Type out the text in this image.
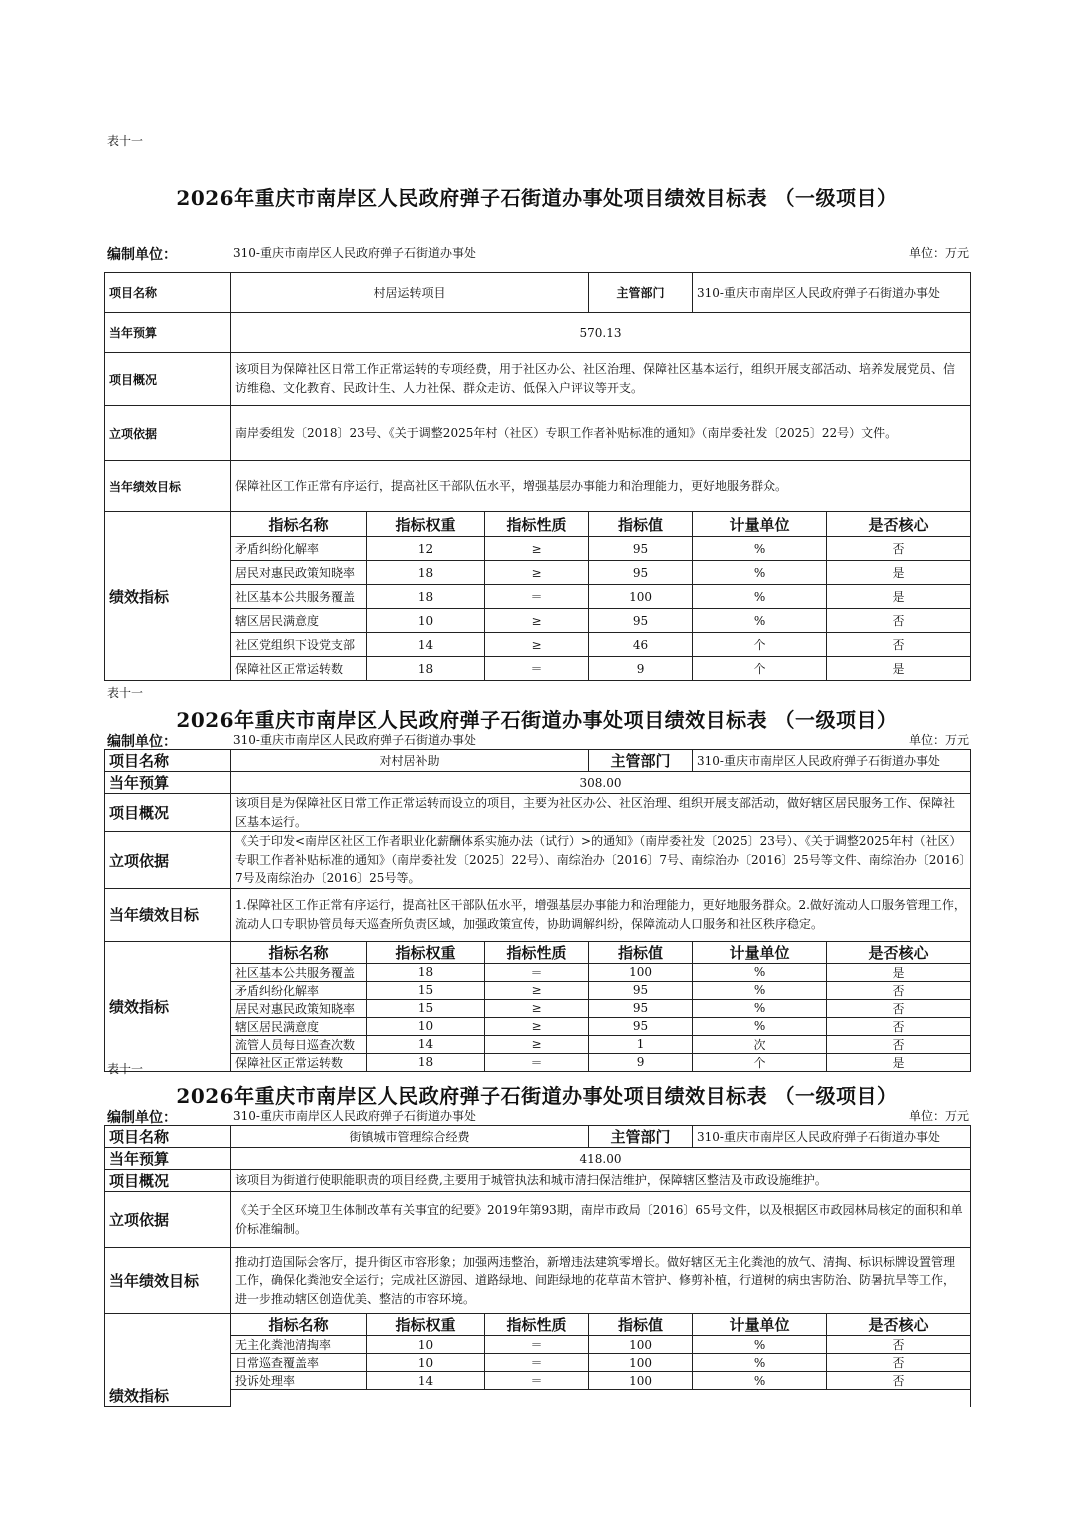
表十一
2026年重庆市南岸区人民政府弹子石街道办事处项目绩效目标表 （一级项目）
编制单位：	310-重庆市南岸区人民政府弹子石街道办事处	单位：万元
项目名称	村居运转项目			主管部门	310-重庆市南岸区人民政府弹子石街道办事处	
当年预算	570.13					
项目概况	该项目为保障社区日常工作正常运转的专项经费，用于社区办公、社区治理、保障社区基本运行，组织开展支部活动、培养发展党员、信访维稳、文化教育、民政计生、人力社保、群众走访、低保入户评议等开支。					
立项依据	南岸委组发〔2018〕23号、《关于调整2025年村（社区）专职工作者补贴标准的通知》（南岸委社发〔2025〕22号）文件。					
当年绩效目标	保障社区工作正常有序运行，提高社区干部队伍水平，增强基层办事能力和治理能力，更好地服务群众。					
绩效指标	指标名称	指标权重	指标性质	指标值	计量单位	是否核心
	矛盾纠纷化解率	12	≥	95	%	否
	居民对惠民政策知晓率	18	≥	95	%	是
	社区基本公共服务覆盖	18	＝	100	%	是
	辖区居民满意度	10	≥	95	%	否
	社区党组织下设党支部	14	≥	46	个	否
	保障社区正常运转数	18	＝	9	个	是
表十一
2026年重庆市南岸区人民政府弹子石街道办事处项目绩效目标表 （一级项目）
编制单位：	310-重庆市南岸区人民政府弹子石街道办事处	单位：万元
项目名称	对村居补助			主管部门	310-重庆市南岸区人民政府弹子石街道办事处	
当年预算	308.00					
项目概况	该项目是为保障社区日常工作正常运转而设立的项目，主要为社区办公、社区治理、组织开展支部活动，做好辖区居民服务工作、保障社区基本运行。					
立项依据	《关于印发<南岸区社区工作者职业化薪酬体系实施办法（试行）>的通知》（南岸委社发〔2025〕23号）、《关于调整2025年村（社区）专职工作者补贴标准的通知》（南岸委社发〔2025〕22号）、南综治办〔2016〕7号、南综治办〔2016〕25号等文件、南综治办〔2016〕7号及南综治办〔2016〕25号等。					
当年绩效目标	1.保障社区工作正常有序运行，提高社区干部队伍水平，增强基层办事能力和治理能力，更好地服务群众。2.做好流动人口服务管理工作，流动人口专职协管员每天巡查所负责区域，加强政策宣传，协助调解纠纷，保障流动人口服务和社区秩序稳定。					
绩效指标	指标名称	指标权重	指标性质	指标值	计量单位	是否核心
	社区基本公共服务覆盖	18	＝	100	%	是
	矛盾纠纷化解率	15	≥	95	%	否
	居民对惠民政策知晓率	15	≥	95	%	否
	辖区居民满意度	10	≥	95	%	否
	流管人员每日巡查次数	14	≥	1	次	否
	保障社区正常运转数	18	＝	9	个	是
表十一
2026年重庆市南岸区人民政府弹子石街道办事处项目绩效目标表 （一级项目）
编制单位：	310-重庆市南岸区人民政府弹子石街道办事处	单位：万元
项目名称	街镇城市管理综合经费			主管部门	310-重庆市南岸区人民政府弹子石街道办事处	
当年预算	418.00					
项目概况	该项目为街道行使职能职责的项目经费,主要用于城管执法和城市清扫保洁维护，保障辖区整洁及市政设施维护。					
立项依据	《关于全区环境卫生体制改革有关事宜的纪要》2019年第93期，南岸市政局〔2016〕65号文件，以及根据区市政园林局核定的面积和单价标准编制。					
当年绩效目标	推动打造国际会客厅，提升街区市容形象；加强两违整治，新增违法建筑零增长。做好辖区无主化粪池的放气、清掏、标识标牌设置管理工作，确保化粪池安全运行；完成社区游园、道路绿地、间距绿地的花草苗木管护、修剪补植，行道树的病虫害防治、防暑抗旱等工作，进一步推动辖区创造优美、整洁的市容环境。					
绩效指标	指标名称	指标权重	指标性质	指标值	计量单位	是否核心
	无主化粪池清掏率	10	＝	100	%	否
	日常巡查覆盖率	10	＝	100	%	否
	投诉处理率	14	＝	100	%	否
